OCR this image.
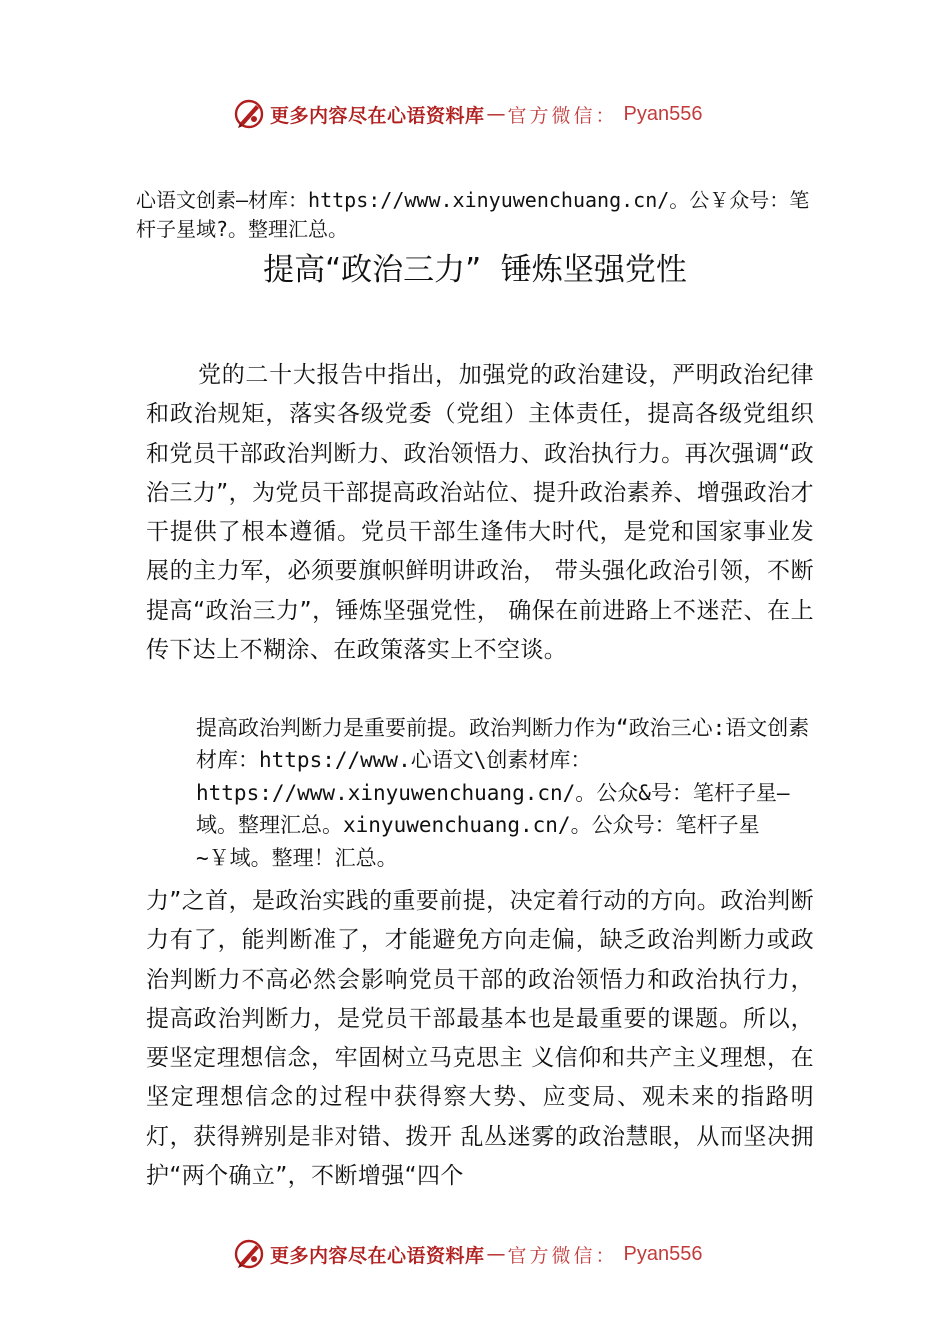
更多内容尽在心语资料库 — 官方微信： Pyan556
心语文创素—材库：https://www.xinyuwenchuang.cn/。公￥众号：笔杆子星域?。整理汇总。
提高“政治三力”  锤炼坚强党性
党的二十大报告中指出，加强党的政治建设，严明政治纪律和政治规矩，落实各级党委（党组）主体责任，提高各级党组织和党员干部政治判断力、政治领悟力、政治执行力。再次强调“政治三力”，为党员干部提高政治站位、提升政治素养、增强政治才干提供了根本遵循。党员干部生逢伟大时代，是党和国家事业发展的主力军，必须要旗帜鲜明讲政治， 带头强化政治引领，不断提高“政治三力”，锤炼坚强党性， 确保在前进路上不迷茫、在上传下达上不糊涂、在政策落实上不空谈。
提高政治判断力是重要前提。政治判断力作为“政治三心:语文创素材库：https://www.心语文\创素材库：https://www.xinyuwenchuang.cn/。公众&号：笔杆子星—域。整理汇总。xinyuwenchuang.cn/。公众号：笔杆子星~￥域。整理！汇总。
力”之首，是政治实践的重要前提，决定着行动的方向。政治判断力有了，能判断准了，才能避免方向走偏，缺乏政治判断力或政治判断力不高必然会影响党员干部的政治领悟力和政治执行力，提高政治判断力，是党员干部最基本也是最重要的课题。所以，要坚定理想信念，牢固树立马克思主 义信仰和共产主义理想，在坚定理想信念的过程中获得察大势、应变局、观未来的指路明灯，获得辨别是非对错、拨开 乱丛迷雾的政治慧眼，从而坚决拥护“两个确立”，不断增强“四个
更多内容尽在心语资料库 — 官方微信： Pyan556
